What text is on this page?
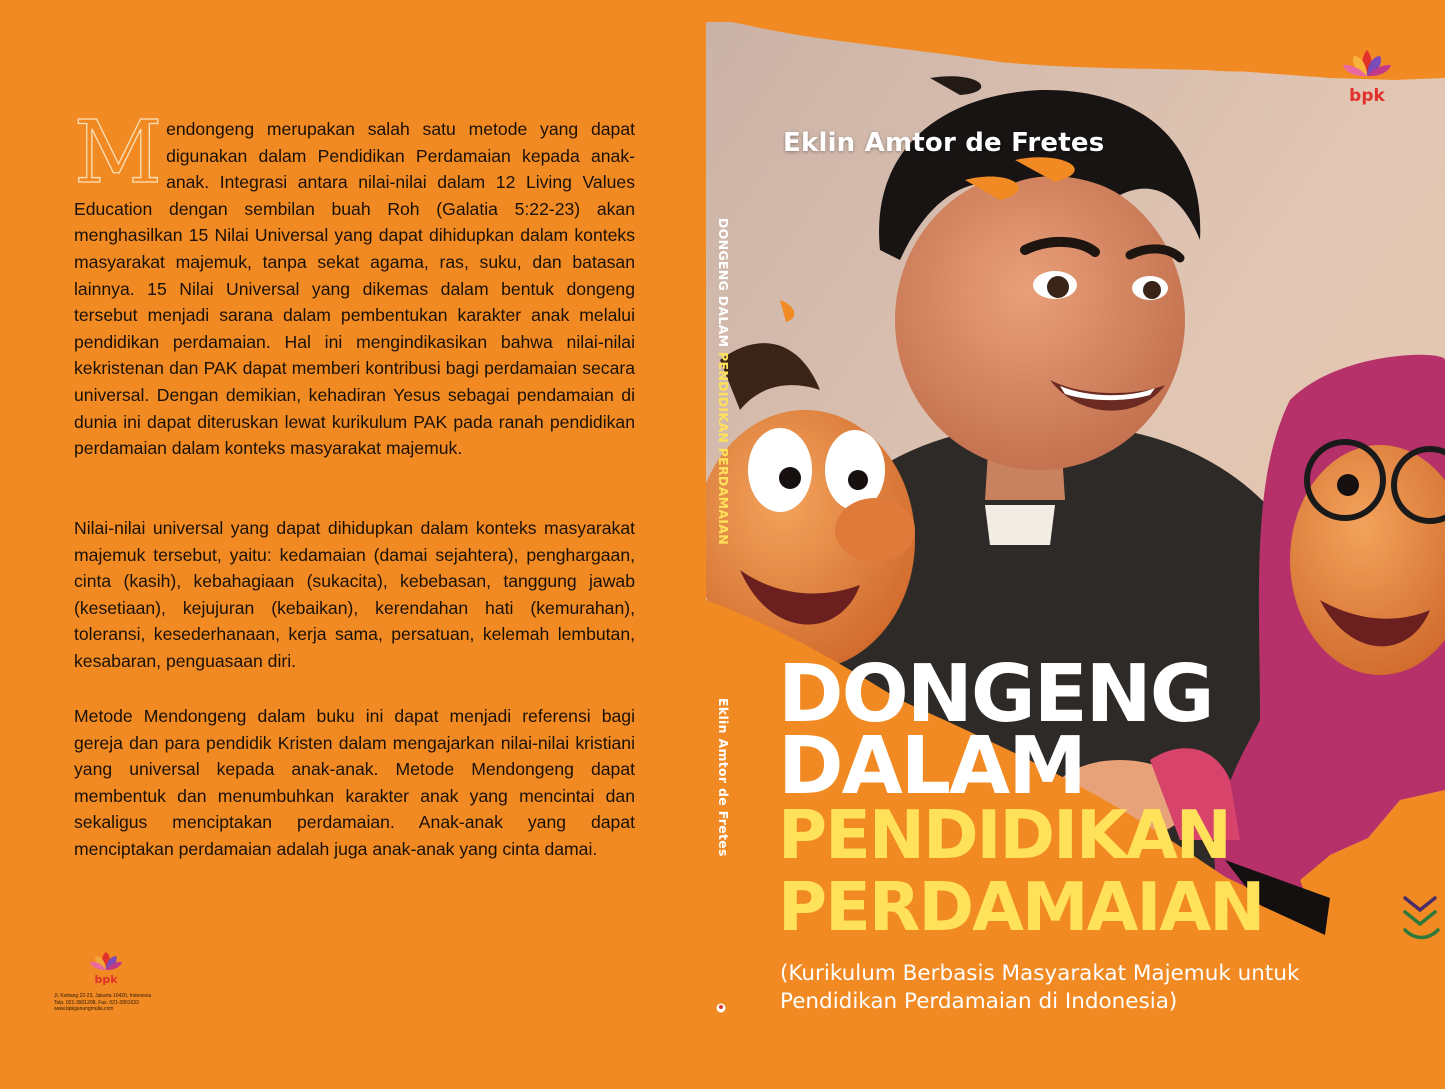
Mendongeng merupakan salah satu metode yang dapat digunakan dalam Pendidikan Perdamaian kepada anak-anak. Integrasi antara nilai-nilai dalam 12 Living Values Education dengan sembilan buah Roh (Galatia 5:22-23) akan menghasilkan 15 Nilai Universal yang dapat dihidupkan dalam konteks masyarakat majemuk, tanpa sekat agama, ras, suku, dan batasan lainnya. 15 Nilai Universal yang dikemas dalam bentuk dongeng tersebut menjadi sarana dalam pembentukan karakter anak melalui pendidikan perdamaian. Hal ini mengindikasikan bahwa nilai-nilai kekristenan dan PAK dapat memberi kontribusi bagi perdamaian secara universal. Dengan demikian, kehadiran Yesus sebagai pendamaian di dunia ini dapat diteruskan lewat kurikulum PAK pada ranah pendidikan perdamaian dalam konteks masyarakat majemuk.

Nilai-nilai universal yang dapat dihidupkan dalam konteks masyarakat majemuk tersebut, yaitu: kedamaian (damai sejahtera), penghargaan, cinta (kasih), kebahagiaan (sukacita), kebebasan, tanggung jawab (kesetiaan), kejujuran (kebaikan), kerendahan hati (kemurahan), toleransi, kesederhanaan, kerja sama, persatuan, kelemah lembutan, kesabaran, penguasaan diri.

Metode Mendongeng dalam buku ini dapat menjadi referensi bagi gereja dan para pendidik Kristen dalam mengajarkan nilai-nilai kristiani yang universal kepada anak-anak. Metode Mendongeng dapat membentuk dan menumbuhkan karakter anak yang mencintai dan sekaligus menciptakan perdamaian. Anak-anak yang dapat menciptakan perdamaian adalah juga anak-anak yang cinta damai.

bpk
Jl. Kwitang 22-23, Jakarta 10420, Indonesia
Telp. 021-3901208, Fax. 021-3901633
www.bpkgunungmulia.com
DONGENG DALAM PENDIDIKAN PERDAMAIAN
Eklin Amtor de Fretes
Eklin Amtor de Fretes
DONGENG
DALAM
PENDIDIKAN
PERDAMAIAN
(Kurikulum Berbasis Masyarakat Majemuk untuk Pendidikan Perdamaian di Indonesia)
bpk
